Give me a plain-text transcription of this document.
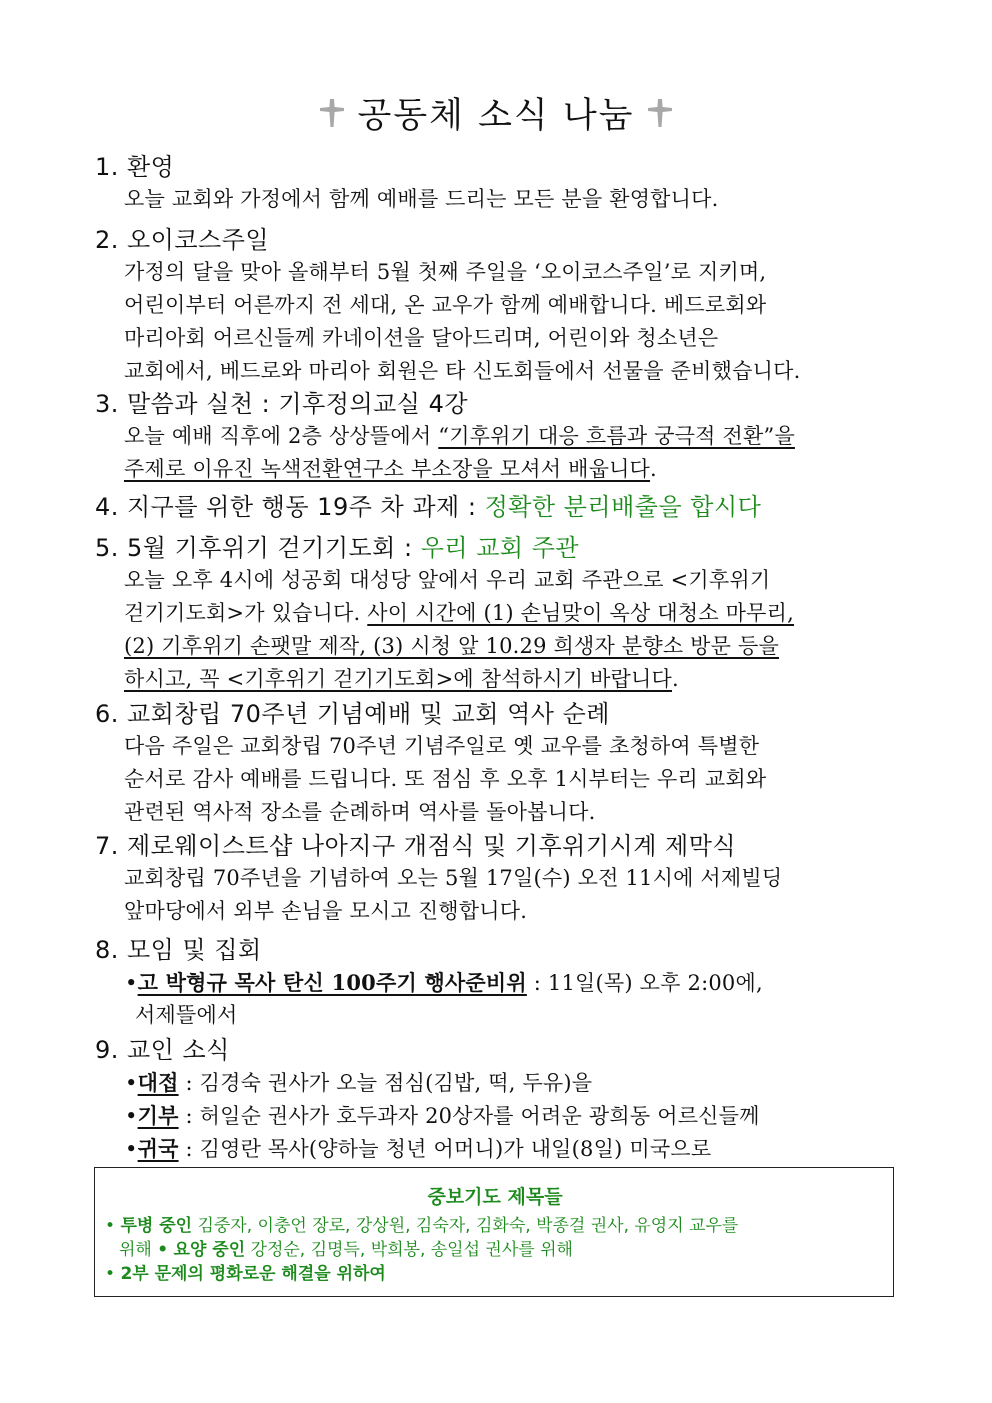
공동체 소식 나눔
1. 환영
오늘 교회와 가정에서 함께 예배를 드리는 모든 분을 환영합니다.
2. 오이코스주일
가정의 달을 맞아 올해부터 5월 첫째 주일을 ‘오이코스주일’로 지키며,
어린이부터 어른까지 전 세대, 온 교우가 함께 예배합니다. 베드로회와
마리아회 어르신들께 카네이션을 달아드리며, 어린이와 청소년은
교회에서, 베드로와 마리아 회원은 타 신도회들에서 선물을 준비했습니다.
3. 말씀과 실천 : 기후정의교실 4강
오늘 예배 직후에 2층 상상뜰에서 “기후위기 대응 흐름과 궁극적 전환”을
주제로 이유진 녹색전환연구소 부소장을 모셔서 배웁니다.
4. 지구를 위한 행동 19주 차 과제 : 정확한 분리배출을 합시다
5. 5월 기후위기 걷기기도회 : 우리 교회 주관
오늘 오후 4시에 성공회 대성당 앞에서 우리 교회 주관으로 <기후위기
걷기기도회>가 있습니다. 사이 시간에 (1) 손님맞이 옥상 대청소 마무리,
(2) 기후위기 손팻말 제작, (3) 시청 앞 10.29 희생자 분향소 방문 등을
하시고, 꼭 <기후위기 걷기기도회>에 참석하시기 바랍니다.
6. 교회창립 70주년 기념예배 및 교회 역사 순례
다음 주일은 교회창립 70주년 기념주일로 옛 교우를 초청하여 특별한
순서로 감사 예배를 드립니다. 또 점심 후 오후 1시부터는 우리 교회와
관련된 역사적 장소를 순례하며 역사를 돌아봅니다.
7. 제로웨이스트샵 나아지구 개점식 및 기후위기시계 제막식
교회창립 70주년을 기념하여 오는 5월 17일(수) 오전 11시에 서제빌딩
앞마당에서 외부 손님을 모시고 진행합니다.
8. 모임 및 집회
•고 박형규 목사 탄신 100주기 행사준비위 : 11일(목) 오후 2:00에,
서제뜰에서
9. 교인 소식
•대접 : 김경숙 권사가 오늘 점심(김밥, 떡, 두유)을
•기부 : 허일순 권사가 호두과자 20상자를 어려운 광희동 어르신들께
•귀국 : 김영란 목사(양하늘 청년 어머니)가 내일(8일) 미국으로
중보기도 제목들
• 투병 중인 김중자, 이충언 장로, 강상원, 김숙자, 김화숙, 박종걸 권사, 유영지 교우를
위해 • 요양 중인 강정순, 김명득, 박희봉, 송일섭 권사를 위해
• 2부 문제의 평화로운 해결을 위하여
